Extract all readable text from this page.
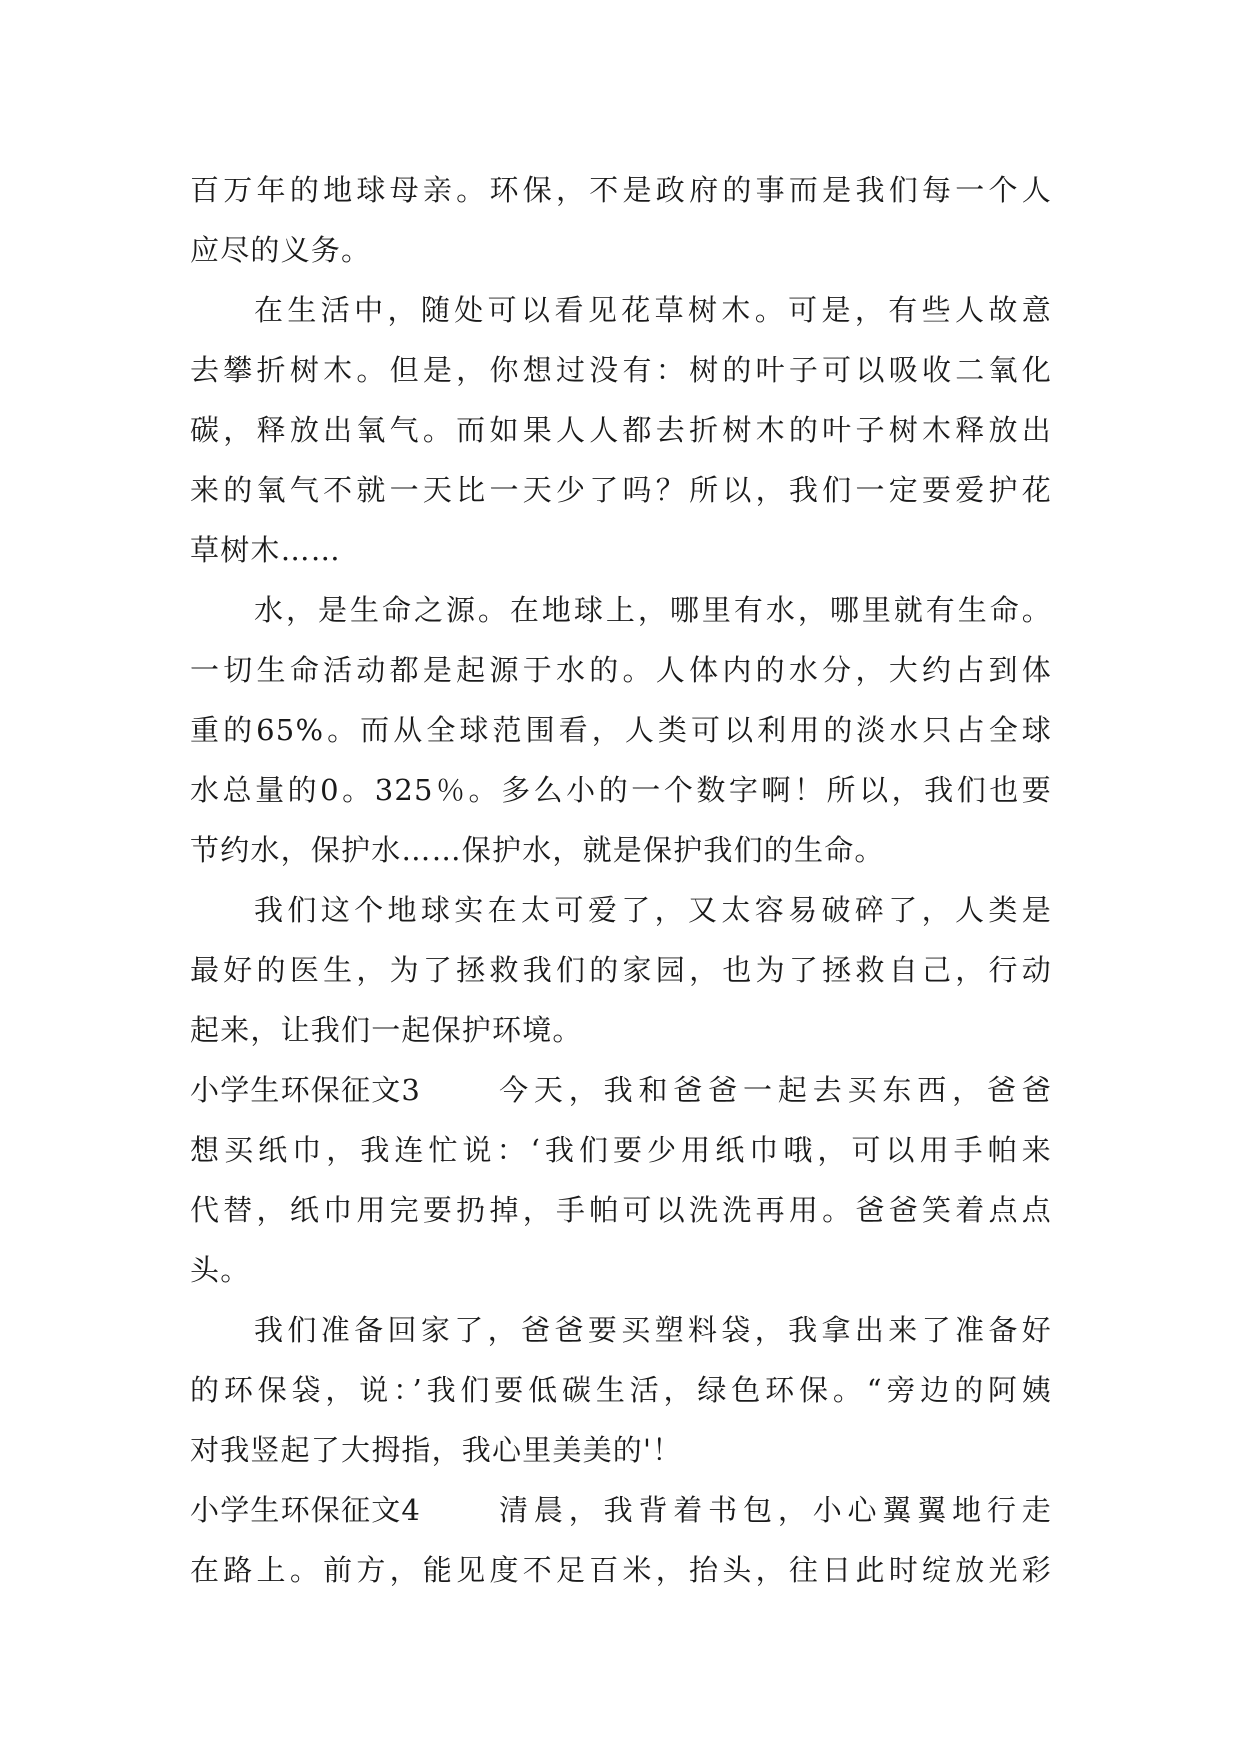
百万年的地球母亲。环保，不是政府的事而是我们每一个人
应尽的义务。
在生活中，随处可以看见花草树木。可是，有些人故意
去攀折树木。但是，你想过没有：树的叶子可以吸收二氧化
碳，释放出氧气。而如果人人都去折树木的叶子树木释放出
来的氧气不就一天比一天少了吗？所以，我们一定要爱护花
草树木……
水，是生命之源。在地球上，哪里有水，哪里就有生命。
一切生命活动都是起源于水的。人体内的水分，大约占到体
重的65%。而从全球范围看，人类可以利用的淡水只占全球
水总量的0。325％。多么小的一个数字啊！所以，我们也要
节约水，保护水……保护水，就是保护我们的生命。
我们这个地球实在太可爱了，又太容易破碎了，人类是
最好的医生，为了拯救我们的家园，也为了拯救自己，行动
起来，让我们一起保护环境。
小学生环保征文3	今天，我和爸爸一起去买东西，爸爸
想买纸巾，我连忙说：‘我们要少用纸巾哦，可以用手帕来
代替，纸巾用完要扔掉，手帕可以洗洗再用。爸爸笑着点点
头。
我们准备回家了，爸爸要买塑料袋，我拿出来了准备好
的环保袋，说：’我们要低碳生活，绿色环保。“旁边的阿姨
对我竖起了大拇指，我心里美美的'！
小学生环保征文4	清晨，我背着书包，小心翼翼地行走
在路上。前方，能见度不足百米，抬头，往日此时绽放光彩
